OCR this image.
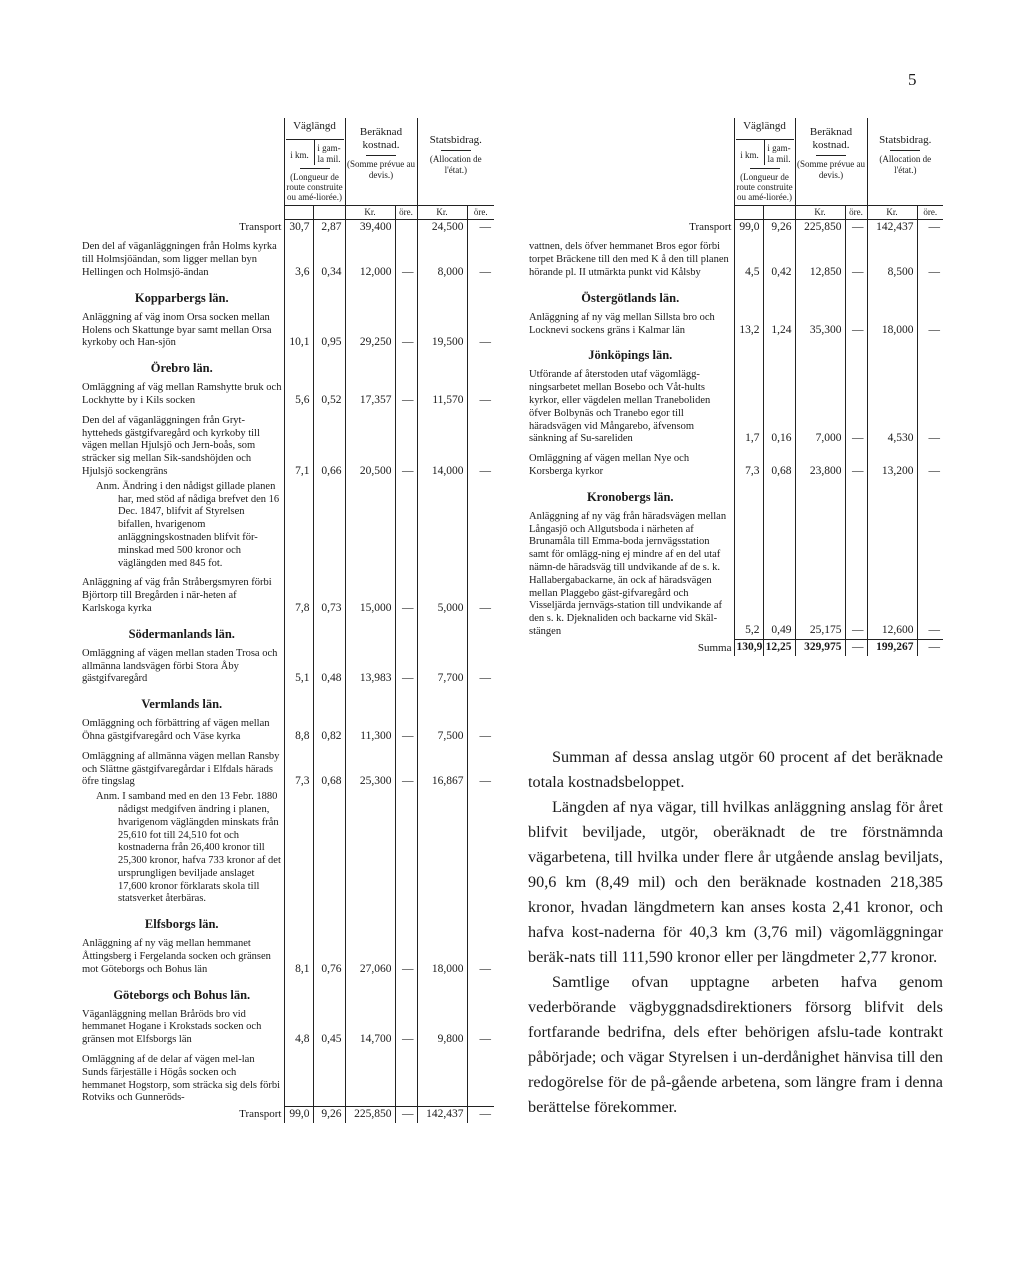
5
	Väglängd
i km.
i gam-la mil.
(Longueur de route construite ou amé-liorée.)		Beräknad kostnad.
(Somme prévue au devis.)		Statsbidrag.
(Allocation de l'état.)	

			Kr.	öre.	Kr.	öre.
Transport	30,7	2,87	39,400		24,500	—

Den del af väganläggningen från Holms kyrka till Holmsjöändan, som ligger mellan byn Hellingen och Holmsjö-ändan	3,6	0,34	12,000	—	8,000	—

Kopparbergs län.						

Anläggning af väg inom Orsa socken mellan Holens och Skattunge byar samt mellan Orsa kyrkoby och Han-sjön	10,1	0,95	29,250	—	19,500	—

Örebro län.						

Omläggning af väg mellan Ramshytte bruk och Lockhytte by i Kils socken	5,6	0,52	17,357	—	11,570	—

Den del af väganläggningen från Gryt-hytteheds gästgifvaregård och kyrkoby till vägen mellan Hjulsjö och Jern-boås, som sträcker sig mellan Sik-sandshöjden och Hjulsjö sockengräns	7,1	0,66	20,500	—	14,000	—

Anm. Ändring i den nådigst gillade planen har, med stöd af nådiga brefvet den 16 Dec. 1847, blifvit af Styrelsen bifallen, hvarigenom anläggningskostnaden blifvit för-minskad med 500 kronor och väglängden med 845 fot.						

Anläggning af väg från Stråbergsmyren förbi Björtorp till Bregården i när-heten af Karlskoga kyrka	7,8	0,73	15,000	—	5,000	—

Södermanlands län.						

Omläggning af vägen mellan staden Trosa och allmänna landsvägen förbi Stora Åby gästgifvaregård	5,1	0,48	13,983	—	7,700	—

Vermlands län.						

Omläggning och förbättring af vägen mellan Öhna gästgifvaregård och Väse kyrka	8,8	0,82	11,300	—	7,500	—

Omläggning af allmänna vägen mellan Ransby och Slättne gästgifvaregårdar i Elfdals härads öfre tingslag	7,3	0,68	25,300	—	16,867	—

Anm. I samband med en den 13 Febr. 1880 nådigst medgifven ändring i planen, hvarigenom väglängden minskats från 25,610 fot till 24,510 fot och kostnaderna från 26,400 kronor till 25,300 kronor, hafva 733 kronor af det ursprungligen beviljade anslaget 17,600 kronor förklarats skola till statsverket återbäras.						

Elfsborgs län.						

Anläggning af ny väg mellan hemmanet Åttingsberg i Fergelanda socken och gränsen mot Göteborgs och Bohus län	8,1	0,76	27,060	—	18,000	—

Göteborgs och Bohus län.						

Väganläggning mellan Bråröds bro vid hemmanet Hogane i Krokstads socken och gränsen mot Elfsborgs län	4,8	0,45	14,700	—	9,800	—

Omläggning af de delar af vägen mel-lan Sunds färjeställe i Högås socken och hemmanet Hogstorp, som sträcka sig dels förbi Rotviks och Gunneröds-						

Transport	99,0	9,26	225,850	—	142,437	—
	Väglängd
i km.
i gam-la mil.
(Longueur de route construite ou amé-liorée.)		Beräknad kostnad.
(Somme prévue au devis.)		Statsbidrag.
(Allocation de l'état.)	

			Kr.	öre.	Kr.	öre.
Transport	99,0	9,26	225,850	—	142,437	—

vattnen, dels öfver hemmanet Bros egor förbi torpet Bräckene till den med K å den till planen hörande pl. II utmärkta punkt vid Kålsby	4,5	0,42	12,850	—	8,500	—

Östergötlands län.						

Anläggning af ny väg mellan Sillsta bro och Locknevi sockens gräns i Kalmar län	13,2	1,24	35,300	—	18,000	—

Jönköpings län.						

Utförande af återstoden utaf vägomlägg-ningsarbetet mellan Bosebo och Våt-hults kyrkor, eller vägdelen mellan Traneboliden öfver Bolbynäs och Tranebo egor till häradsvägen vid Mångarebo, äfvensom sänkning af Su-sareliden	1,7	0,16	7,000	—	4,530	—

Omläggning af vägen mellan Nye och Korsberga kyrkor	7,3	0,68	23,800	—	13,200	—

Kronobergs län.						

Anläggning af ny väg från häradsvägen mellan Långasjö och Allgutsboda i närheten af Brunamåla till Emma-boda jernvägsstation samt för omlägg-ning ej mindre af en del utaf nämn-de häradsväg till undvikande af de s. k. Hallabergabackarne, än ock af häradsvägen mellan Plaggebo gäst-gifvaregård och Visseljärda jernvägs-station till undvikande af den s. k. Djeknaliden och backarne vid Skäl-stängen	5,2	0,49	25,175	—	12,600	—
Summa	130,9	12,25	329,975	—	199,267	—

Summan af dessa anslag utgör 60 procent af det beräknade totala kostnadsbeloppet.

Längden af nya vägar, till hvilkas anläggning anslag för året blifvit beviljade, utgör, oberäknadt de tre förstnämnda vägarbetena, till hvilka under flere år utgående anslag beviljats, 90,6 km (8,49 mil) och den beräknade kostnaden 218,385 kronor, hvadan längdmetern kan anses kosta 2,41 kronor, och hafva kost-naderna för 40,3 km (3,76 mil) vägomläggningar beräk-nats till 111,590 kronor eller per längdmeter 2,77 kronor.

Samtlige ofvan upptagne arbeten hafva genom vederbörande vägbyggnadsdirektioners försorg blifvit dels fortfarande bedrifna, dels efter behörigen afslu-tade kontrakt påbörjade; och vägar Styrelsen i un-derdånighet hänvisa till den redogörelse för de på-gående arbetena, som längre fram i denna berättelse förekommer.
